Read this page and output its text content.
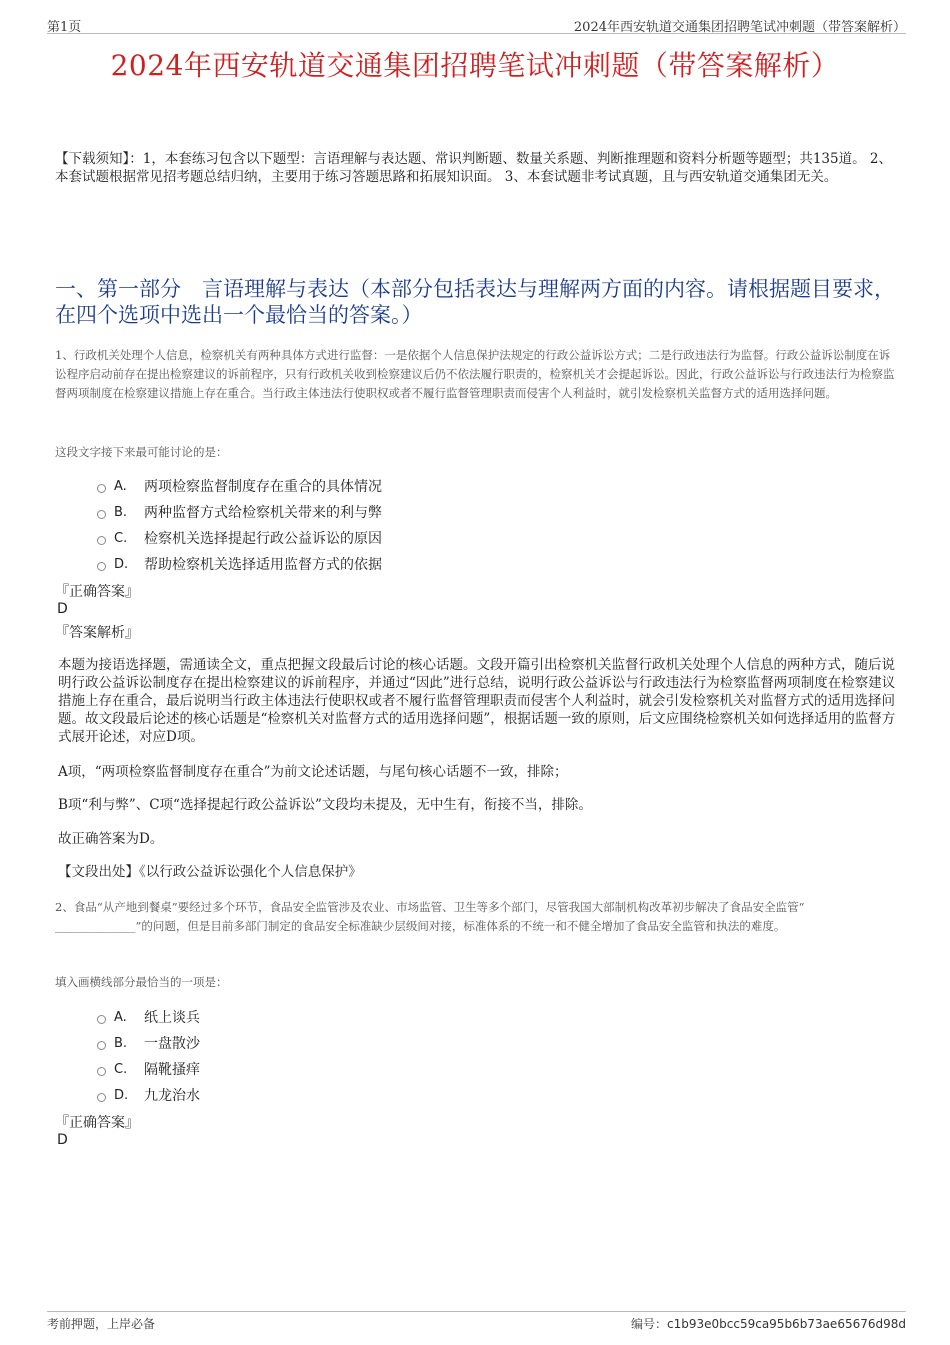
第1页	2024年西安轨道交通集团招聘笔试冲刺题（带答案解析）
2024年西安轨道交通集团招聘笔试冲刺题（带答案解析）
【下载须知】：1，本套练习包含以下题型：言语理解与表达题、常识判断题、数量关系题、判断推理题和资料分析题等题型；共135道。 2、本套试题根据常见招考题总结归纳，主要用于练习答题思路和拓展知识面。 3、本套试题非考试真题，且与西安轨道交通集团无关。
一、第一部分　言语理解与表达（本部分包括表达与理解两方面的内容。请根据题目要求，在四个选项中选出一个最恰当的答案。）
1、行政机关处理个人信息，检察机关有两种具体方式进行监督：一是依据个人信息保护法规定的行政公益诉讼方式；二是行政违法行为监督。行政公益诉讼制度在诉讼程序启动前存在提出检察建议的诉前程序，只有行政机关收到检察建议后仍不依法履行职责的，检察机关才会提起诉讼。因此，行政公益诉讼与行政违法行为检察监督两项制度在检察建议措施上存在重合。当行政主体违法行使职权或者不履行监督管理职责而侵害个人利益时，就引发检察机关监督方式的适用选择问题。
这段文字接下来最可能讨论的是：
A.	两项检察监督制度存在重合的具体情况
B.	两种监督方式给检察机关带来的利与弊
C.	检察机关选择提起行政公益诉讼的原因
D.	帮助检察机关选择适用监督方式的依据
『正确答案』
D
『答案解析』
本题为接语选择题，需通读全文，重点把握文段最后讨论的核心话题。文段开篇引出检察机关监督行政机关处理个人信息的两种方式，随后说明行政公益诉讼制度存在提出检察建议的诉前程序，并通过“因此”进行总结，说明行政公益诉讼与行政违法行为检察监督两项制度在检察建议措施上存在重合，最后说明当行政主体违法行使职权或者不履行监督管理职责而侵害个人利益时，就会引发检察机关对监督方式的适用选择问题。故文段最后论述的核心话题是“检察机关对监督方式的适用选择问题”，根据话题一致的原则，后文应围绕检察机关如何选择适用的监督方式展开论述，对应D项。
A项，“两项检察监督制度存在重合”为前文论述话题，与尾句核心话题不一致，排除；
B项“利与弊”、C项“选择提起行政公益诉讼”文段均未提及，无中生有，衔接不当，排除。
故正确答案为D。
【文段出处】《以行政公益诉讼强化个人信息保护》
2、食品“从产地到餐桌”要经过多个环节，食品安全监管涉及农业、市场监管、卫生等多个部门，尽管我国大部制机构改革初步解决了食品安全监管“ ______________”的问题，但是目前多部门制定的食品安全标准缺少层级间对接，标准体系的不统一和不健全增加了食品安全监管和执法的难度。
填入画横线部分最恰当的一项是：
A.	纸上谈兵
B.	一盘散沙
C.	隔靴搔痒
D.	九龙治水
『正确答案』
D
考前押题，上岸必备	编号：c1b93e0bcc59ca95b6b73ae65676d98d
